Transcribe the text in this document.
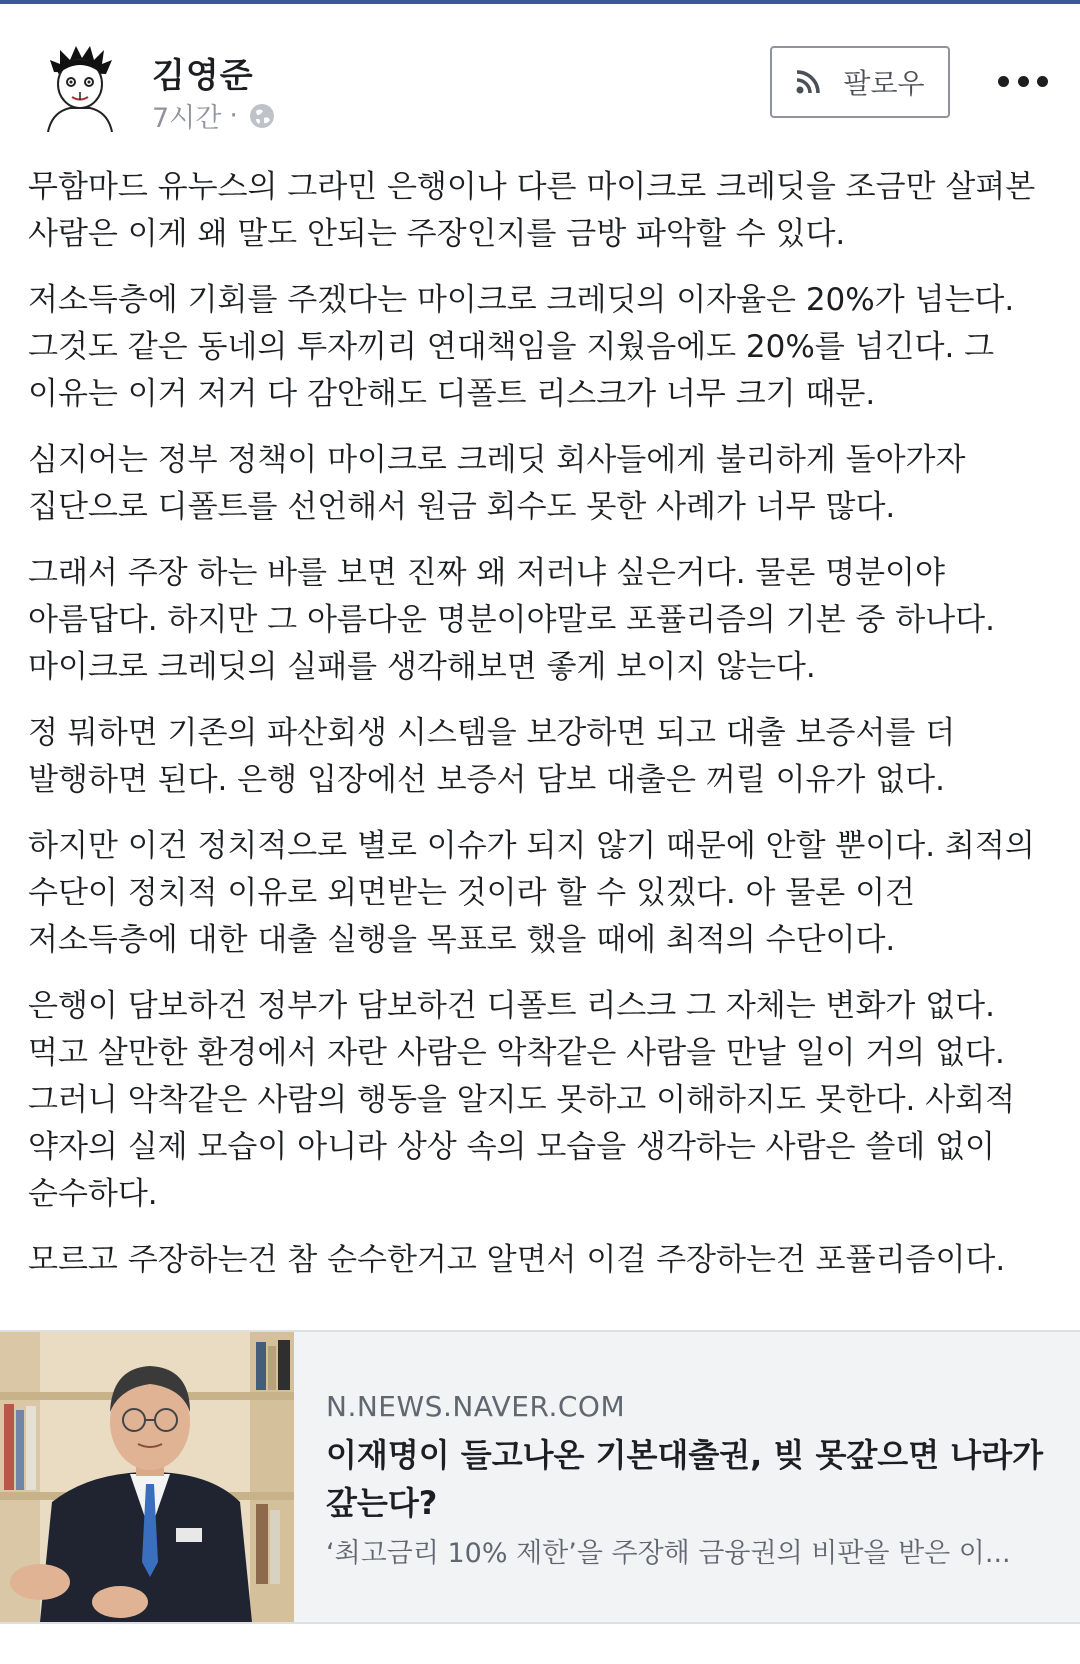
김영준
7시간 ·
팔로우

무함마드 유누스의 그라민 은행이나 다른 마이크로 크레딧을 조금만 살펴본 사람은 이게 왜 말도 안되는 주장인지를 금방 파악할 수 있다.

저소득층에 기회를 주겠다는 마이크로 크레딧의 이자율은 20%가 넘는다. 그것도 같은 동네의 투자끼리 연대책임을 지웠음에도 20%를 넘긴다. 그 이유는 이거 저거 다 감안해도 디폴트 리스크가 너무 크기 때문.

심지어는 정부 정책이 마이크로 크레딧 회사들에게 불리하게 돌아가자 집단으로 디폴트를 선언해서 원금 회수도 못한 사례가 너무 많다.

그래서 주장 하는 바를 보면 진짜 왜 저러냐 싶은거다. 물론 명분이야 아름답다. 하지만 그 아름다운 명분이야말로 포퓰리즘의 기본 중 하나다. 마이크로 크레딧의 실패를 생각해보면 좋게 보이지 않는다.

정 뭐하면 기존의 파산회생 시스템을 보강하면 되고 대출 보증서를 더 발행하면 된다. 은행 입장에선 보증서 담보 대출은 꺼릴 이유가 없다.

하지만 이건 정치적으로 별로 이슈가 되지 않기 때문에 안할 뿐이다. 최적의 수단이 정치적 이유로 외면받는 것이라 할 수 있겠다. 아 물론 이건 저소득층에 대한 대출 실행을 목표로 했을 때에 최적의 수단이다.

은행이 담보하건 정부가 담보하건 디폴트 리스크 그 자체는 변화가 없다. 먹고 살만한 환경에서 자란 사람은 악착같은 사람을 만날 일이 거의 없다. 그러니 악착같은 사람의 행동을 알지도 못하고 이해하지도 못한다. 사회적 약자의 실제 모습이 아니라 상상 속의 모습을 생각하는 사람은 쓸데 없이 순수하다.

모르고 주장하는건 참 순수한거고 알면서 이걸 주장하는건 포퓰리즘이다.

N.NEWS.NAVER.COM
이재명이 들고나온 기본대출권, 빚 못갚으면 나라가 갚는다?
‘최고금리 10% 제한’을 주장해 금융권의 비판을 받은 이...
